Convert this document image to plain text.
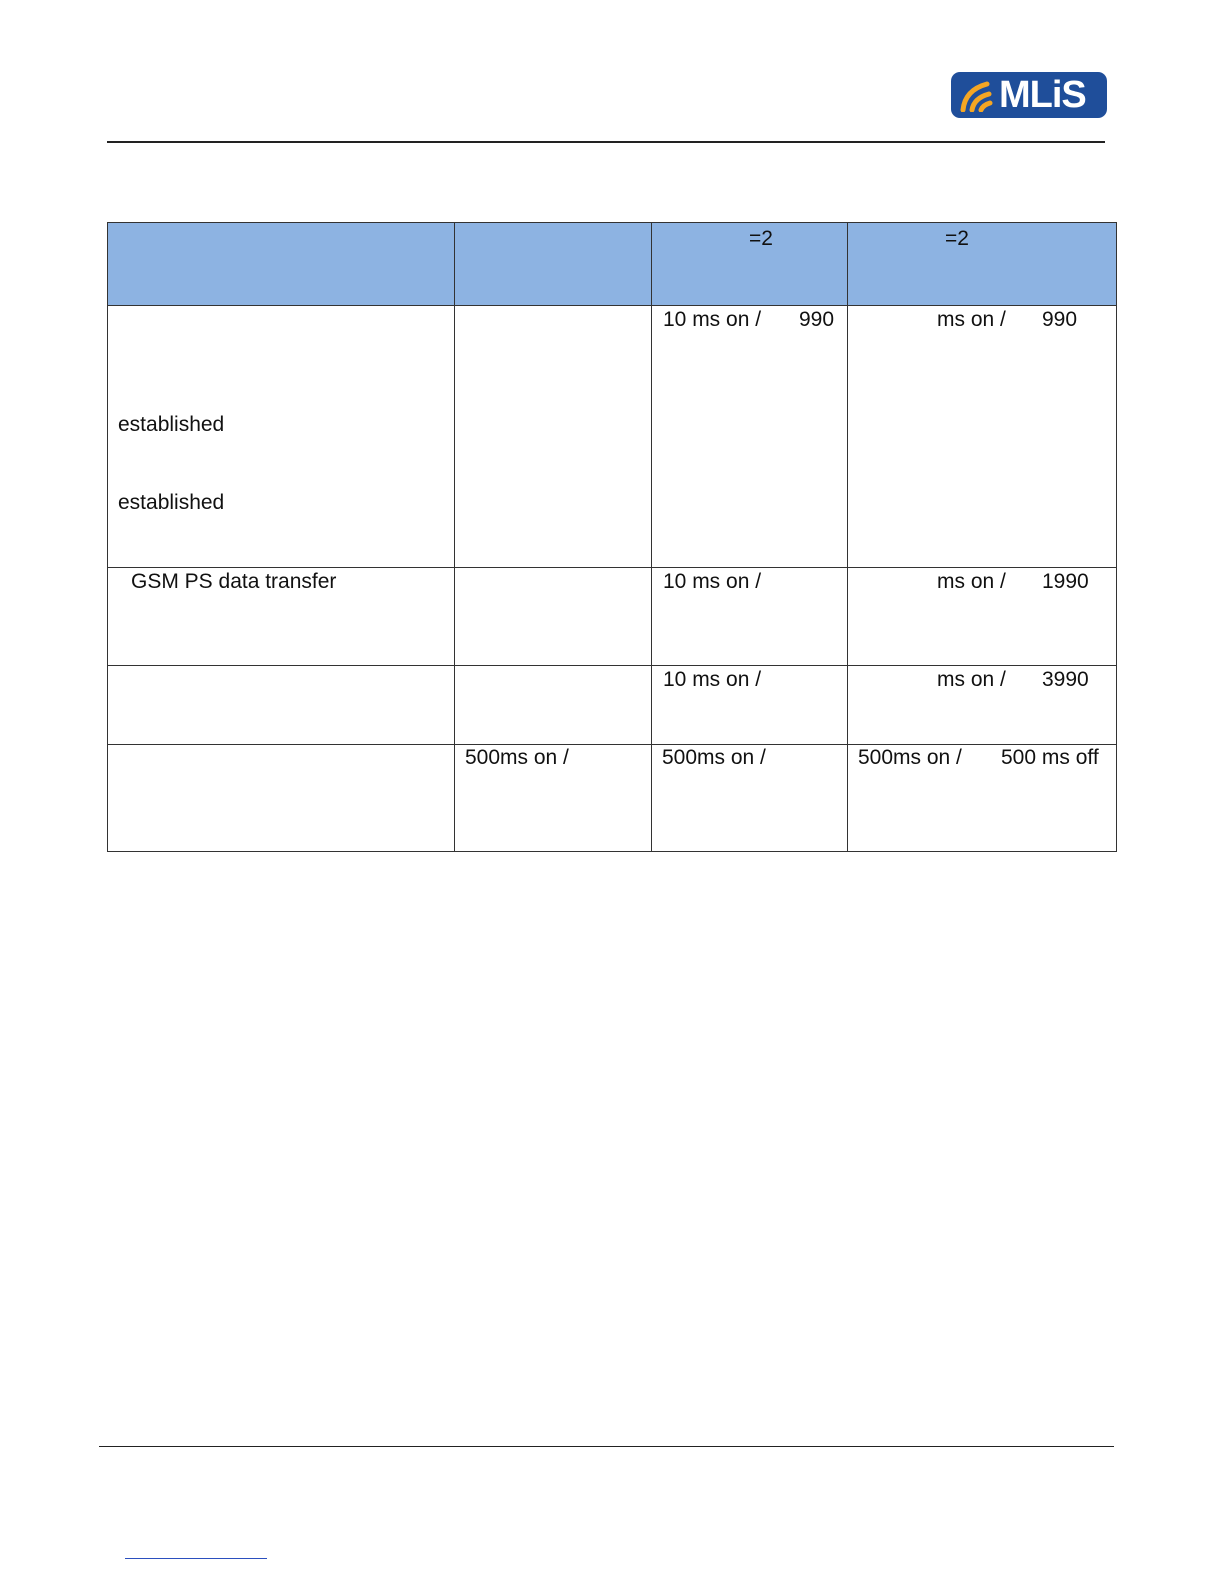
MLiS

		=2	=2

established
established		10 ms on / 990	ms on / 990

GSM PS data transfer		10 ms on /	ms on / 1990

		10 ms on /	ms on / 3990

	500ms on /	500ms on /	500ms on / 500 ms off
